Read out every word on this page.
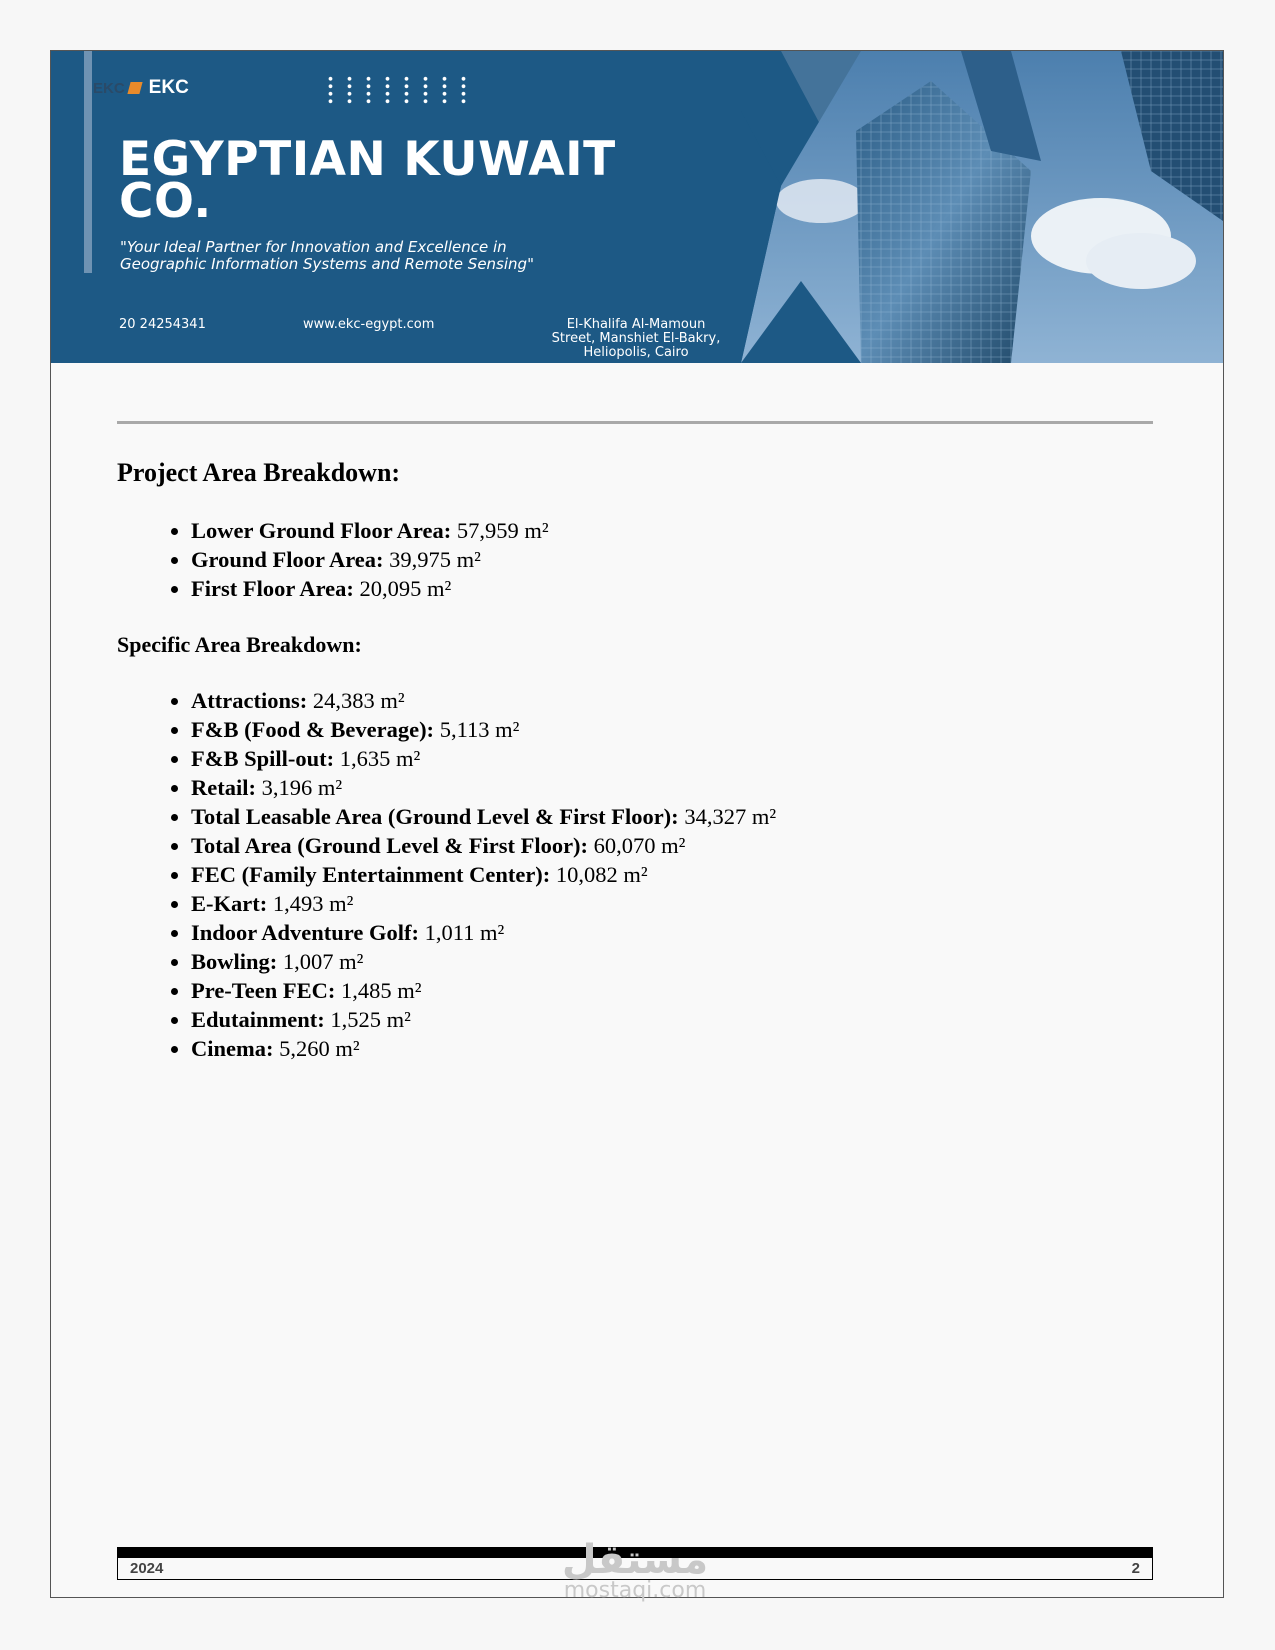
EKC EKC
EGYPTIAN KUWAIT
CO.
"Your Ideal Partner for Innovation and Excellence in
Geographic Information Systems and Remote Sensing"
20 24254341	www.ekc-egypt.com	El-Khalifa Al-Mamoun
Street, Manshiet El-Bakry,
Heliopolis, Cairo
Project Area Breakdown:
• Lower Ground Floor Area: 57,959 m²
• Ground Floor Area: 39,975 m²
• First Floor Area: 20,095 m²
Specific Area Breakdown:
• Attractions: 24,383 m²
• F&B (Food & Beverage): 5,113 m²
• F&B Spill-out: 1,635 m²
• Retail: 3,196 m²
• Total Leasable Area (Ground Level & First Floor): 34,327 m²
• Total Area (Ground Level & First Floor): 60,070 m²
• FEC (Family Entertainment Center): 10,082 m²
• E-Kart: 1,493 m²
• Indoor Adventure Golf: 1,011 m²
• Bowling: 1,007 m²
• Pre-Teen FEC: 1,485 m²
• Edutainment: 1,525 m²
• Cinema: 5,260 m²
2024	2
مستقل
mostaqi.com
